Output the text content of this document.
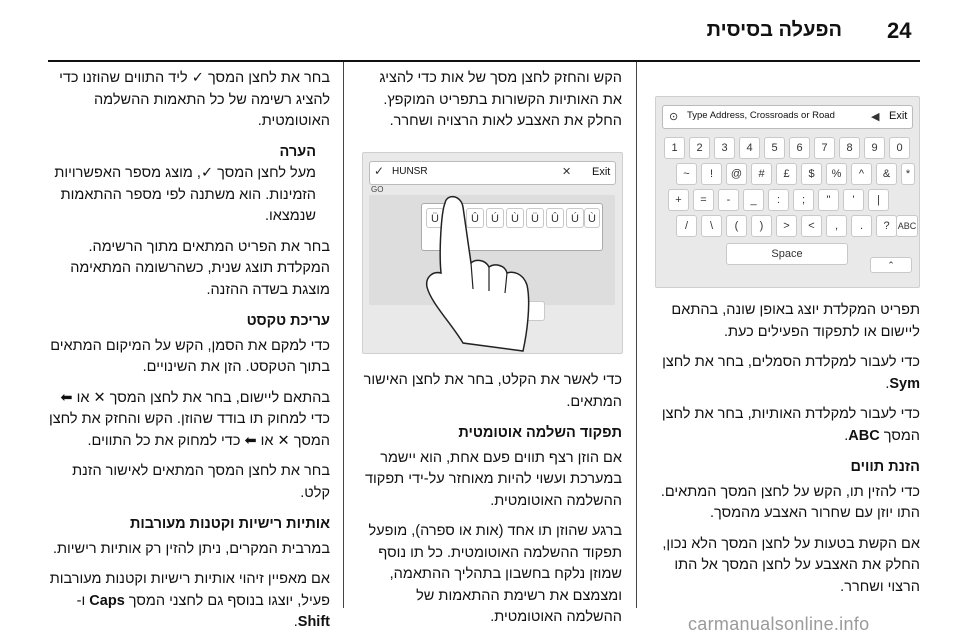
24
הפעלה בסיסית
⊙ Type Address, Crossroads or Road	◀ Exit
1	2	3	4	5	6	7	8	9	0
~	!	@	#	£	$	%	^	&	*
+	=	-	_	:	;	"	'	|
/	\	(	)	>	<	,	.	? ABC
Space
⌃

תפריט המקלדת יוצג באופן שונה, בהתאם ליישום או לתפקוד הפעילים כעת.

כדי לעבור למקלדת הסמלים, בחר את לחצן Sym.

כדי לעבור למקלדת האותיות, בחר את לחצן המסך ABC.

הזנת תווים

כדי להזין תו, הקש על לחצן המסך המתאים. התו יוזן עם שחרור האצבע מהמסך.

אם הקשת בטעות על לחצן המסך הלא נכון, החלק את האצבע על לחצן המסך אל התו הרצוי ושחרר.

הקש והחזק לחצן מסך של אות כדי להציג את האותיות הקשורות בתפריט המוקפץ. החלק את האצבע לאות הרצויה ושחרר.

✓ HUNSR	✕ Exit
GO
Ü	Û	Ú	Ù	Ü	Û	Ú Ù

כדי לאשר את הקלט, בחר את לחצן האישור המתאים.

תפקוד השלמה אוטומטית

אם הוזן רצף תווים פעם אחת, הוא יישמר במערכת ועשוי להיות מאוחזר על-ידי תפקוד ההשלמה האוטומטית.

ברגע שהוזן תו אחד (אות או ספרה), מופעל תפקוד ההשלמה האוטומטית. כל תו נוסף שמוזן נלקח בחשבון בתהליך ההתאמה, ומצמצם את רשימת ההתאמות של ההשלמה האוטומטית.

בחר את לחצן המסך ✓ ליד התווים שהוזנו כדי להציג רשימה של כל התאמות ההשלמה האוטומטית.

הערה

מעל לחצן המסך ✓, מוצג מספר האפשרויות הזמינות. הוא משתנה לפי מספר ההתאמות שנמצאו.

בחר את הפריט המתאים מתוך הרשימה. המקלדת תוצג שנית, כשהרשומה המתאימה מוצגת בשדה ההזנה.

עריכת טקסט

כדי למקם את הסמן, הקש על המיקום המתאים בתוך הטקסט. הזן את השינויים.

בהתאם ליישום, בחר את לחצן המסך ✕ או ⬅ כדי למחוק תו בודד שהוזן. הקש והחזק את לחצן המסך ✕ או ⬅ כדי למחוק את כל התווים.

בחר את לחצן המסך המתאים לאישור הזנת קלט.

אותיות רישיות וקטנות מעורבות

במרבית המקרים, ניתן להזין רק אותיות רישיות.

אם מאפיין זיהוי אותיות רישיות וקטנות מעורבות פעיל, יוצגו בנוסף גם לחצני המסך Caps ו-Shift.	carmanualsonline.info
